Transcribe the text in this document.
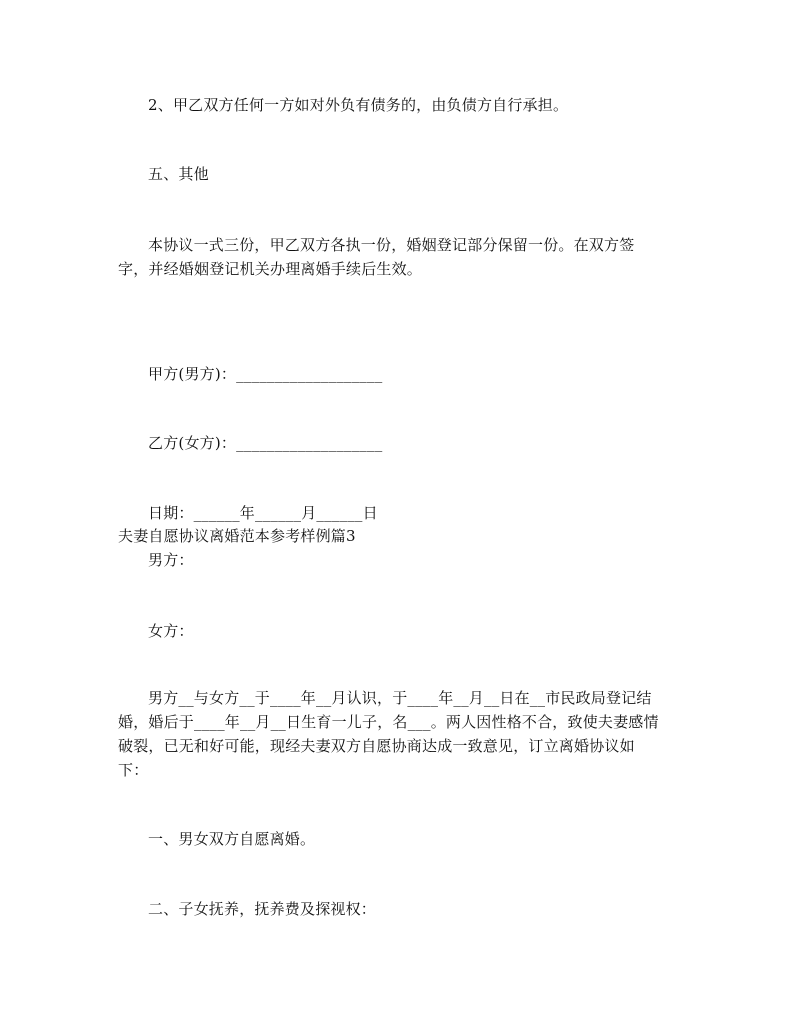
2、甲乙双方任何一方如对外负有债务的，由负债方自行承担。
五、其他
本协议一式三份，甲乙双方各执一份，婚姻登记部分保留一份。在双方签
字，并经婚姻登记机关办理离婚手续后生效。
甲方(男方)：___________________
乙方(女方)：___________________
日期：______年______月______日
夫妻自愿协议离婚范本参考样例篇3
男方：
女方：
男方__与女方__于____年__月认识，于____年__月__日在__市民政局登记结
婚，婚后于____年__月__日生育一儿子，名___。两人因性格不合，致使夫妻感情
破裂，已无和好可能，现经夫妻双方自愿协商达成一致意见，订立离婚协议如
下：
一、男女双方自愿离婚。
二、子女抚养，抚养费及探视权：
